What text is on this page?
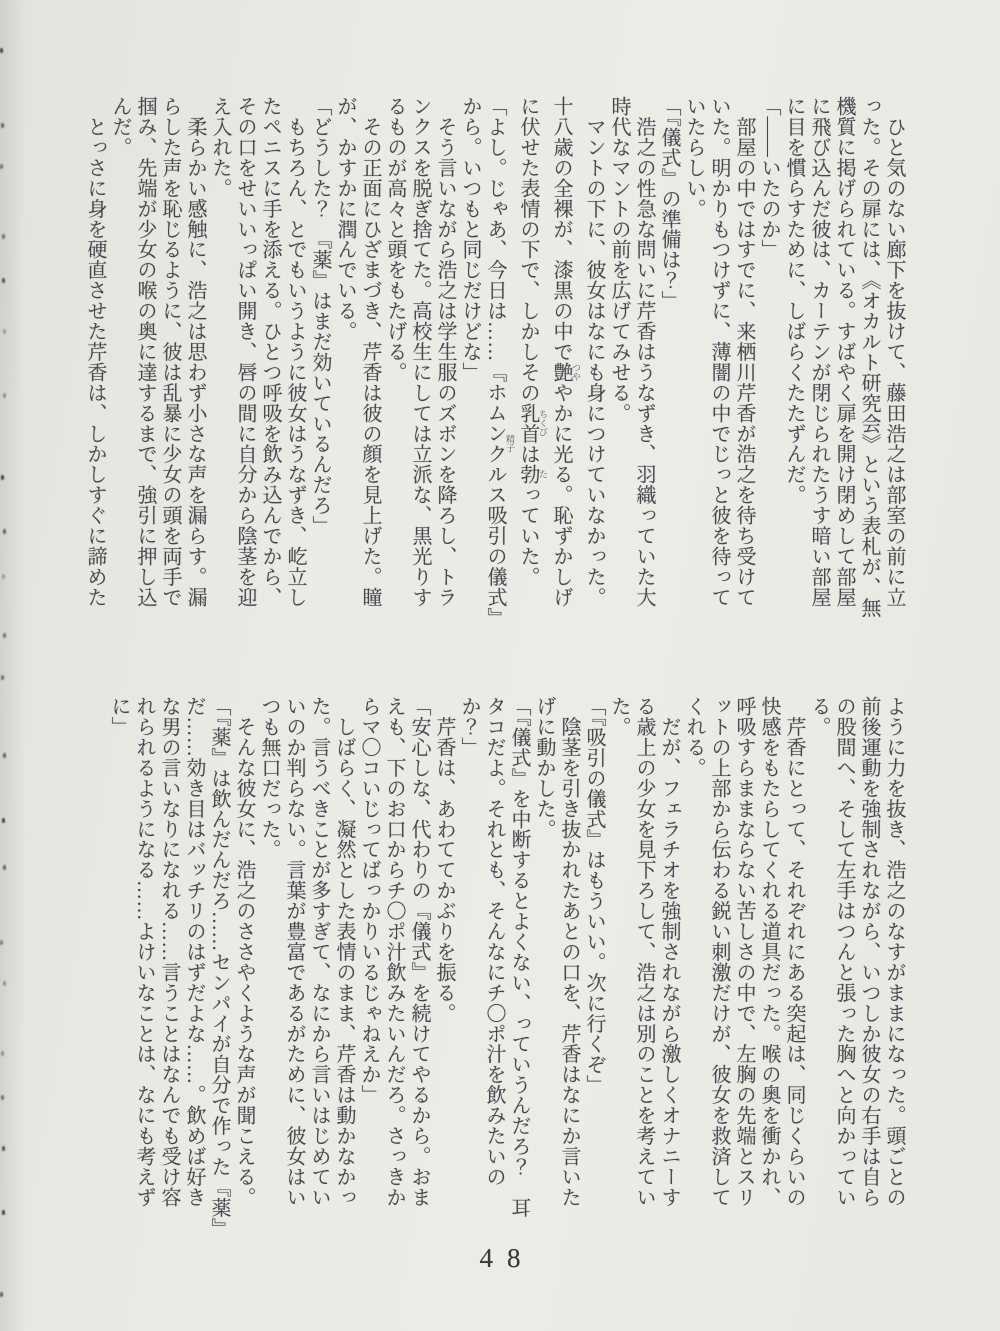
　ひと気のない廊下を抜けて、藤田浩之は部室の前に立

った。その扉には、《オカルト研究会》という表札が、無

機質に掲げられている。すばやく扉を開け閉めして部屋

に飛び込んだ彼は、カーテンが閉じられたうす暗い部屋

に目を慣らすために、しばらくたたずんだ。

「――いたのか」

　部屋の中ではすでに、来栖川芹香が浩之を待ち受けて

いた。明かりもつけずに、薄闇の中でじっと彼を待って

いたらしい。

「『儀式』の準備は？」

　浩之の性急な問いに芹香はうなずき、羽織っていた大

時代なマントの前を広げてみせる。

　マントの下に、彼女はなにも身につけていなかった。

十八歳の全裸が、漆黒の中で艶 つややかに光る。恥ずかしげ

に伏せた表情の下で、しかしその乳首 ちくびは勃 たっていた。

「よし。じゃあ、今日は……『ホムンクルス 精子吸引の儀式』

から。いつもと同じだけどな」

　そう言いながら浩之は学生服のズボンを降ろし、トラ

ンクスを脱ぎ捨てた。高校生にしては立派な、黒光りす

るものが高々と頭をもたげる。

　その正面にひざまづき、芹香は彼の顔を見上げた。瞳

が、かすかに潤んでいる。

「どうした？　『薬』はまだ効いているんだろ」

　もちろん、とでもいうように彼女はうなずき、屹立し

たペニスに手を添える。ひとつ呼吸を飲み込んでから、

その口をせいいっぱい開き、唇の間に自分から陰茎を迎

え入れた。

　柔らかい感触に、浩之は思わず小さな声を漏らす。漏

らした声を恥じるように、彼は乱暴に少女の頭を両手で

掴み、先端が少女の喉の奥に達するまで、強引に押し込

んだ。

　とっさに身を硬直させた芹香は、しかしすぐに諦めた

ように力を抜き、浩之のなすがままになった。頭ごとの

前後運動を強制されながら、いつしか彼女の右手は自ら

の股間へ、そして左手はつんと張った胸へと向かってい

る。

　芹香にとって、それぞれにある突起は、同じくらいの

快感をもたらしてくれる道具だった。喉の奥を衝かれ、

呼吸すらままならない苦しさの中で、左胸の先端とスリ

ットの上部から伝わる鋭い刺激だけが、彼女を救済して

くれる。

　だが、フェラチオを強制されながら激しくオナニーす

る歳上の少女を見下ろして、浩之は別のことを考えてい

た。

「『吸引の儀式』はもういい。次に行くぞ」

　陰茎を引き抜かれたあとの口を、芹香はなにか言いた

げに動かした。

「『儀式』を中断するとよくない、っていうんだろ？　耳

タコだよ。それとも、そんなにチ〇ポ汁を飲みたいの

か？」

　芹香は、あわててかぶりを振る。

「安心しな、代わりの『儀式』を続けてやるから。おま

えも、下のお口からチ〇ポ汁飲みたいんだろ。さっきか

らマ〇コいじってばっかりいるじゃねえか」

　しばらく、凝然とした表情のまま、芹香は動かなかっ

た。言うべきことが多すぎて、なにから言いはじめてい

いのか判らない。言葉が豊富であるがために、彼女はい

つも無口だった。

　そんな彼女に、浩之のささやくような声が聞こえる。

「『薬』は飲んだんだろ……センパイが自分で作った『薬』

だ……効き目はバッチリのはずだよな……。飲めば好き

な男の言いなりになれる……言うことはなんでも受け容

れられるようになる……よけいなことは、なにも考えず

に」

48
